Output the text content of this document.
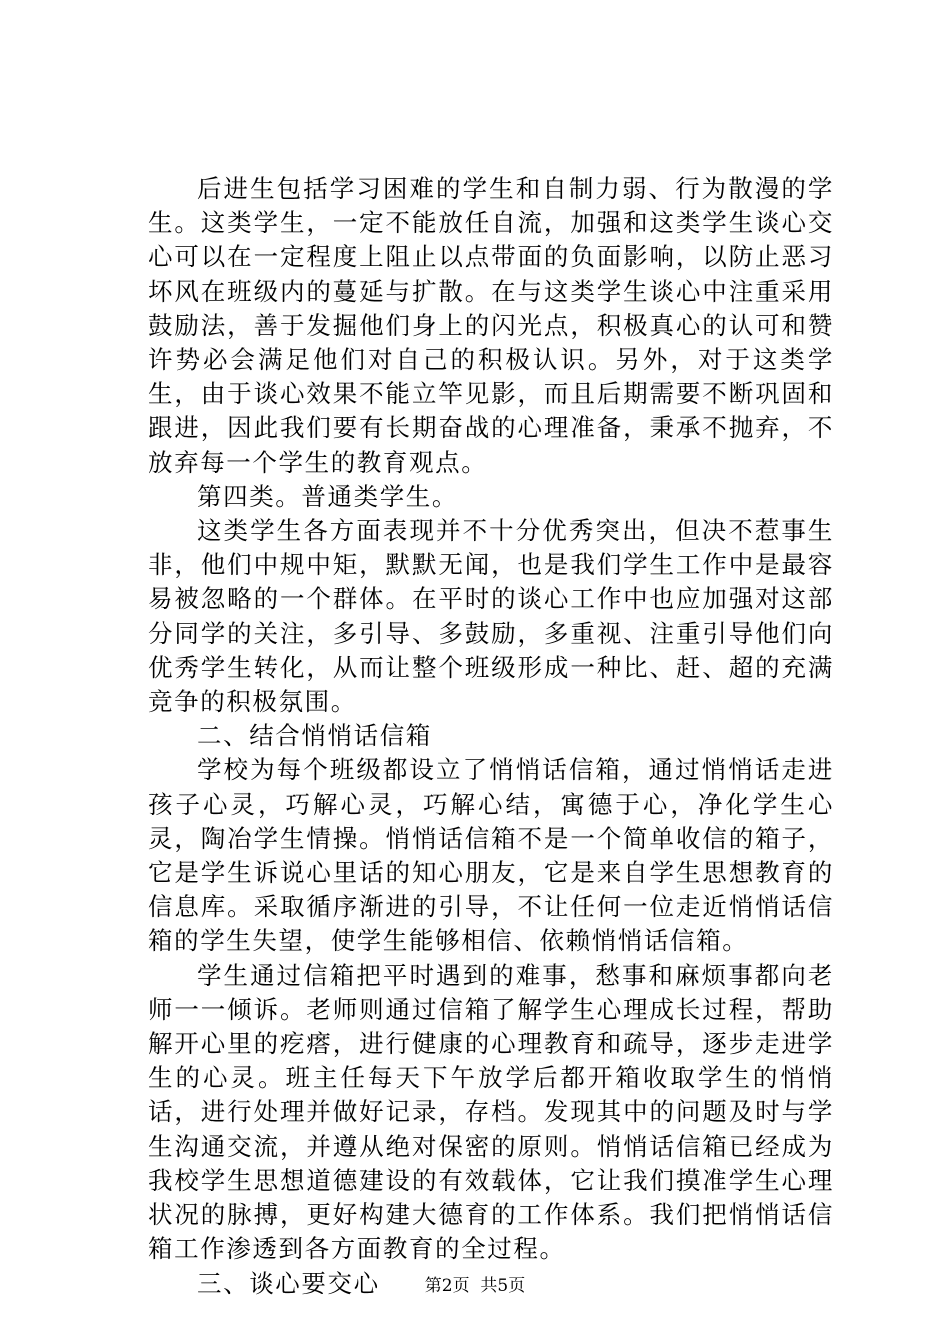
后进生包括学习困难的学生和自制力弱、行为散漫的学生。这类学生，一定不能放任自流，加强和这类学生谈心交心可以在一定程度上阻止以点带面的负面影响，以防止恶习坏风在班级内的蔓延与扩散。在与这类学生谈心中注重采用鼓励法，善于发掘他们身上的闪光点，积极真心的认可和赞许势必会满足他们对自己的积极认识。另外，对于这类学生，由于谈心效果不能立竿见影，而且后期需要不断巩固和跟进，因此我们要有长期奋战的心理准备，秉承不抛弃，不放弃每一个学生的教育观点。

第四类。普通类学生。

这类学生各方面表现并不十分优秀突出，但决不惹事生非，他们中规中矩，默默无闻，也是我们学生工作中是最容易被忽略的一个群体。在平时的谈心工作中也应加强对这部分同学的关注，多引导、多鼓励，多重视、注重引导他们向优秀学生转化，从而让整个班级形成一种比、赶、超的充满竞争的积极氛围。

二、结合悄悄话信箱

学校为每个班级都设立了悄悄话信箱，通过悄悄话走进孩子心灵，巧解心灵，巧解心结，寓德于心，净化学生心灵，陶冶学生情操。悄悄话信箱不是一个简单收信的箱子，它是学生诉说心里话的知心朋友，它是来自学生思想教育的信息库。采取循序渐进的引导，不让任何一位走近悄悄话信箱的学生失望，使学生能够相信、依赖悄悄话信箱。

学生通过信箱把平时遇到的难事，愁事和麻烦事都向老师一一倾诉。老师则通过信箱了解学生心理成长过程，帮助解开心里的疙瘩，进行健康的心理教育和疏导，逐步走进学生的心灵。班主任每天下午放学后都开箱收取学生的悄悄话，进行处理并做好记录，存档。发现其中的问题及时与学生沟通交流，并遵从绝对保密的原则。悄悄话信箱已经成为我校学生思想道德建设的有效载体，它让我们摸准学生心理状况的脉搏，更好构建大德育的工作体系。我们把悄悄话信箱工作渗透到各方面教育的全过程。

三、谈心要交心	第2页  共5页
